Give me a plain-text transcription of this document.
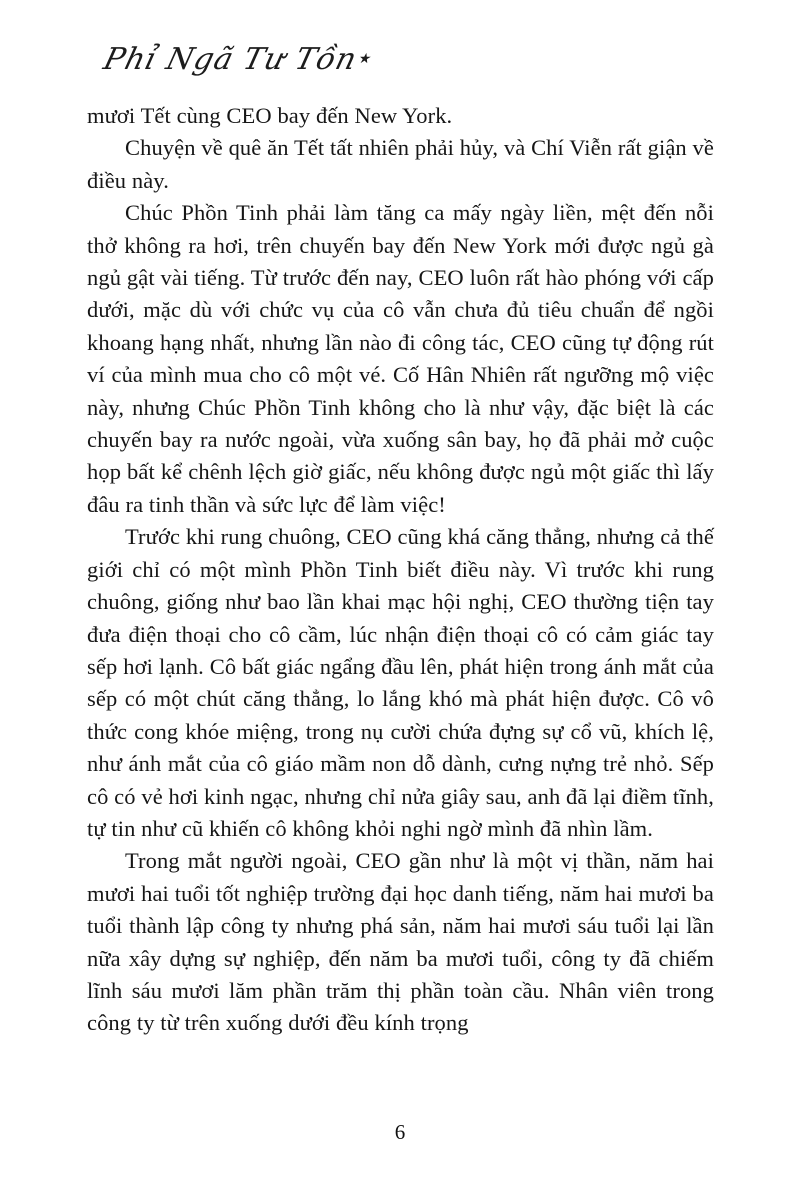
Phỉ Ngã Tư Tồn★

mươi Tết cùng CEO bay đến New York.

Chuyện về quê ăn Tết tất nhiên phải hủy, và Chí Viễn rất giận về điều này.

Chúc Phồn Tinh phải làm tăng ca mấy ngày liền, mệt đến nỗi thở không ra hơi, trên chuyến bay đến New York mới được ngủ gà ngủ gật vài tiếng. Từ trước đến nay, CEO luôn rất hào phóng với cấp dưới, mặc dù với chức vụ của cô vẫn chưa đủ tiêu chuẩn để ngồi khoang hạng nhất, nhưng lần nào đi công tác, CEO cũng tự động rút ví của mình mua cho cô một vé. Cố Hân Nhiên rất ngưỡng mộ việc này, nhưng Chúc Phồn Tinh không cho là như vậy, đặc biệt là các chuyến bay ra nước ngoài, vừa xuống sân bay, họ đã phải mở cuộc họp bất kể chênh lệch giờ giấc, nếu không được ngủ một giấc thì lấy đâu ra tinh thần và sức lực để làm việc!

Trước khi rung chuông, CEO cũng khá căng thẳng, nhưng cả thế giới chỉ có một mình Phồn Tinh biết điều này. Vì trước khi rung chuông, giống như bao lần khai mạc hội nghị, CEO thường tiện tay đưa điện thoại cho cô cầm, lúc nhận điện thoại cô có cảm giác tay sếp hơi lạnh. Cô bất giác ngẩng đầu lên, phát hiện trong ánh mắt của sếp có một chút căng thẳng, lo lắng khó mà phát hiện được. Cô vô thức cong khóe miệng, trong nụ cười chứa đựng sự cổ vũ, khích lệ, như ánh mắt của cô giáo mầm non dỗ dành, cưng nựng trẻ nhỏ. Sếp cô có vẻ hơi kinh ngạc, nhưng chỉ nửa giây sau, anh đã lại điềm tĩnh, tự tin như cũ khiến cô không khỏi nghi ngờ mình đã nhìn lầm.

Trong mắt người ngoài, CEO gần như là một vị thần, năm hai mươi hai tuổi tốt nghiệp trường đại học danh tiếng, năm hai mươi ba tuổi thành lập công ty nhưng phá sản, năm hai mươi sáu tuổi lại lần nữa xây dựng sự nghiệp, đến năm ba mươi tuổi, công ty đã chiếm lĩnh sáu mươi lăm phần trăm thị phần toàn cầu. Nhân viên trong công ty từ trên xuống dưới đều kính trọng

6
